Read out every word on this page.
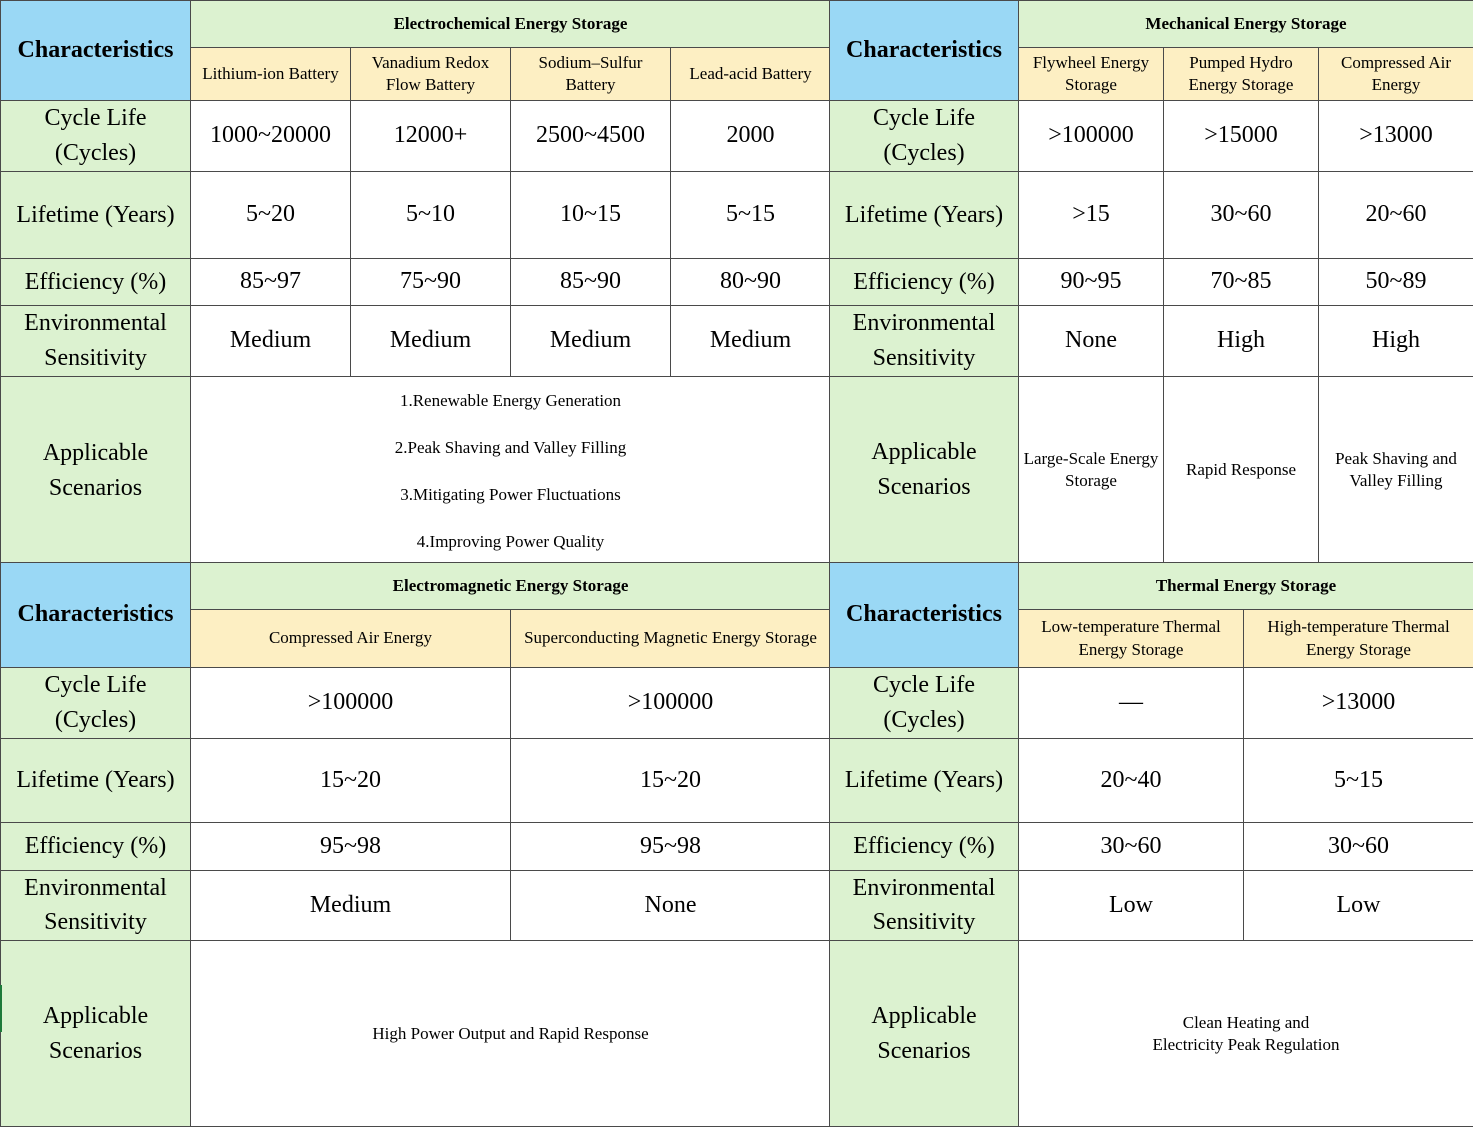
Characteristics	Electrochemical Energy Storage			
	Lithium-ion Battery	Vanadium Redox Flow Battery	Sodium–Sulfur Battery	Lead-acid Battery
Cycle Life (Cycles)	1000~20000	12000+	2500~4500	2000
Lifetime (Years)	5~20	5~10	10~15	5~15
Efficiency (%)	85~97	75~90	85~90	80~90
Environmental Sensitivity	Medium	Medium	Medium	Medium
Applicable Scenarios	1.Renewable Energy Generation
2.Peak Shaving and Valley Filling
3.Mitigating Power Fluctuations
4.Improving Power Quality			
Characteristics	Mechanical Energy Storage		
	Flywheel Energy Storage	Pumped Hydro Energy Storage	Compressed Air Energy
Cycle Life (Cycles)	>100000	>15000	>13000
Lifetime (Years)	>15	30~60	20~60
Efficiency (%)	90~95	70~85	50~89
Environmental Sensitivity	None	High	High
Applicable Scenarios	Large-Scale Energy Storage	Rapid Response	Peak Shaving and Valley Filling
Characteristics	Electromagnetic Energy Storage	
	Compressed Air Energy	Superconducting Magnetic Energy Storage
Cycle Life (Cycles)	>100000	>100000
Lifetime (Years)	15~20	15~20
Efficiency (%)	95~98	95~98
Environmental Sensitivity	Medium	None
Applicable Scenarios	High Power Output and Rapid Response	
Characteristics	Thermal Energy Storage	
	Low-temperature Thermal Energy Storage	High-temperature Thermal Energy Storage
Cycle Life (Cycles)	—	>13000
Lifetime (Years)	20~40	5~15
Efficiency (%)	30~60	30~60
Environmental Sensitivity	Low	Low
Applicable Scenarios	Clean Heating and
Electricity Peak Regulation	
